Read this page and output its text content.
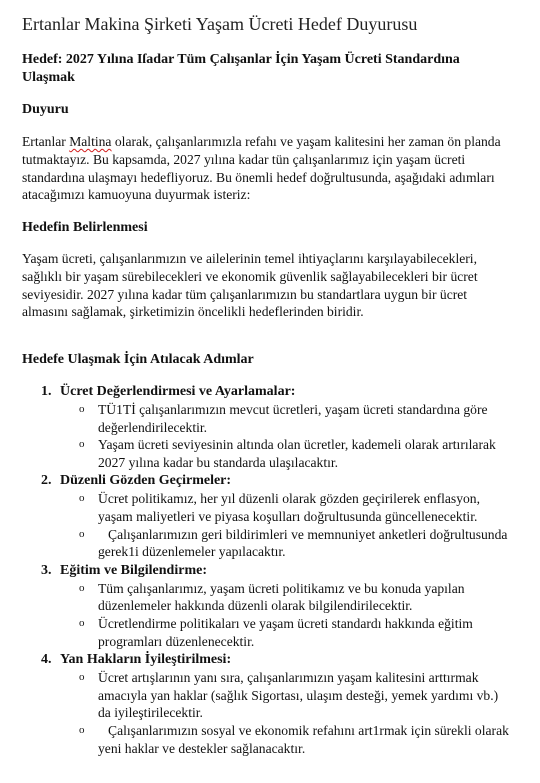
Ertanlar Makina Şirketi Yaşam Ücreti Hedef Duyurusu
Hedef: 2027 Yılına Iſadar Tüm Çalışanlar İçin Yaşam Ücreti Standardına Ulaşmak
Duyuru
Ertanlar Maltina olarak, çalışanlarımızla refahı ve yaşam kalitesini her zaman ön planda tutmaktayız. Bu kapsamda, 2027 yılına kadar tün çalışanlarımız için yaşam ücreti standardına ulaşmayı hedefliyoruz. Bu önemli hedef doğrultusunda, aşağıdaki adımları atacağımızı kamuoyuna duyurmak isteriz:
Hedefin Belirlenmesi
Yaşam ücreti, çalışanlarımızın ve ailelerinin temel ihtiyaçlarını karşılayabilecekleri, sağlıklı bir yaşam sürebilecekleri ve ekonomik güvenlik sağlayabilecekleri bir ücret seviyesidir. 2027 yılına kadar tüm çalışanlarımızın bu standartlara uygun bir ücret almasını sağlamak, şirketimizin öncelikli hedeflerinden biridir.
Hedefe Ulaşmak İçin Atılacak Adımlar
1. Ücret Değerlendirmesi ve Ayarlamalar:

o TÜ1Tİ çalışanlarımızın mevcut ücretleri, yaşam ücreti standardına göre değerlendirilecektir.

o Yaşam ücreti seviyesinin altında olan ücretler, kademeli olarak artırılarak 2027 yılına kadar bu standarda ulaşılacaktır.

2. Düzenli Gözden Geçirmeler:

o Ücret politikamız, her yıl düzenli olarak gözden geçirilerek enflasyon, yaşam maliyetleri ve piyasa koşulları doğrultusunda güncellenecektir.

o Çalışanlarımızın geri bildirimleri ve memnuniyet anketleri doğrultusunda gerek1i düzenlemeler yapılacaktır.

3. Eğitim ve Bilgilendirme:

o Tüm çalışanlarımız, yaşam ücreti politikamız ve bu konuda yapılan düzenlemeler hakkında düzenli olarak bilgilendirilecektir.

o Ücretlendirme politikaları ve yaşam ücreti standardı hakkında eğitim programları düzenlenecektir.

4. Yan Hakların İyileştirilmesi:

o Ücret artışlarının yanı sıra, çalışanlarımızın yaşam kalitesini arttırmak amacıyla yan haklar (sağlık Sigortası, ulaşım desteği, yemek yardımı vb.) da iyileştirilecektir.

o Çalışanlarımızın sosyal ve ekonomik refahını art1rmak için sürekli olarak yeni haklar ve destekler sağlanacaktır.
